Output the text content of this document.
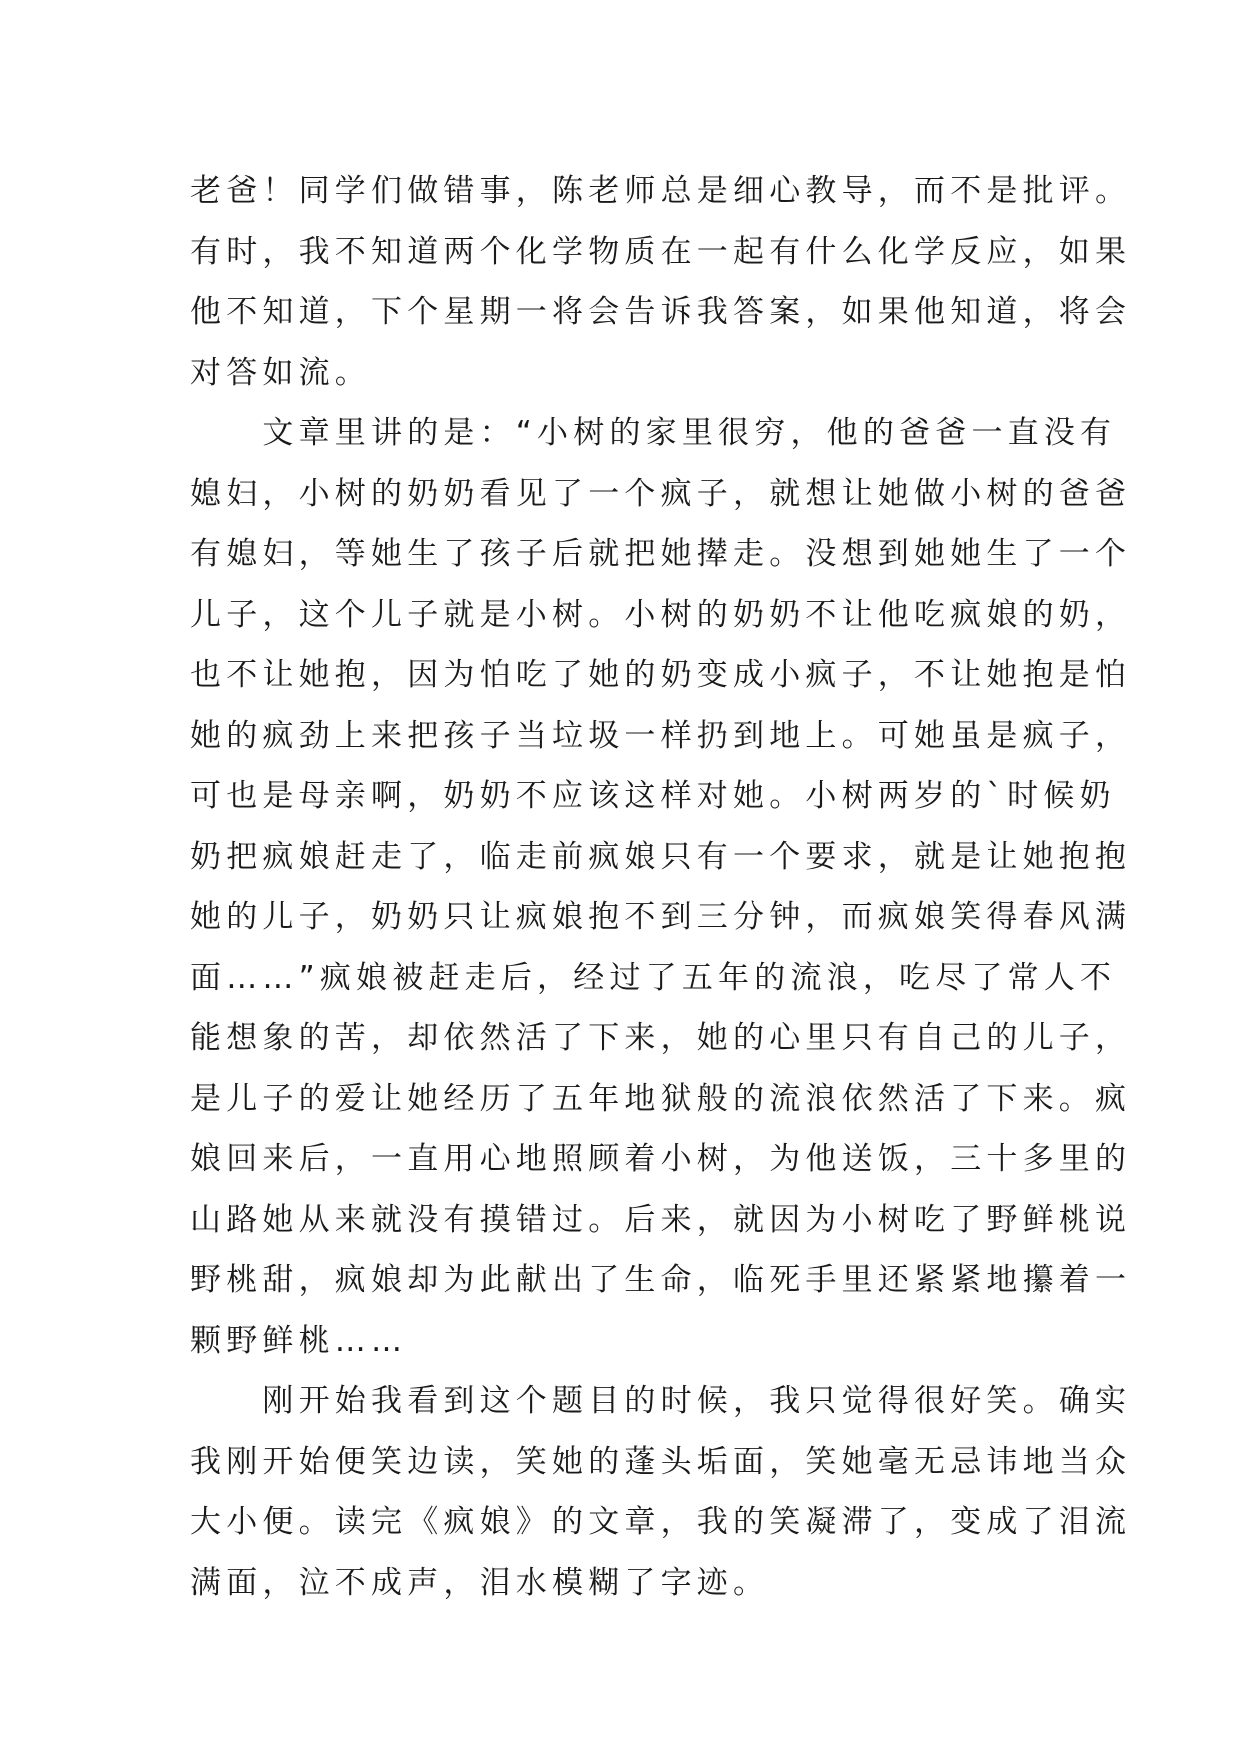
老爸！同学们做错事，陈老师总是细心教导，而不是批评。
有时，我不知道两个化学物质在一起有什么化学反应，如果
他不知道，下个星期一将会告诉我答案，如果他知道，将会
对答如流。
　　文章里讲的是：“小树的家里很穷，他的爸爸一直没有
媳妇，小树的奶奶看见了一个疯子，就想让她做小树的爸爸
有媳妇，等她生了孩子后就把她撵走。没想到她她生了一个
儿子，这个儿子就是小树。小树的奶奶不让他吃疯娘的奶，
也不让她抱，因为怕吃了她的奶变成小疯子，不让她抱是怕
她的疯劲上来把孩子当垃圾一样扔到地上。可她虽是疯子，
可也是母亲啊，奶奶不应该这样对她。小树两岁的`时候奶
奶把疯娘赶走了，临走前疯娘只有一个要求，就是让她抱抱
她的儿子，奶奶只让疯娘抱不到三分钟，而疯娘笑得春风满
面……”疯娘被赶走后，经过了五年的流浪，吃尽了常人不
能想象的苦，却依然活了下来，她的心里只有自己的儿子，
是儿子的爱让她经历了五年地狱般的流浪依然活了下来。疯
娘回来后，一直用心地照顾着小树，为他送饭，三十多里的
山路她从来就没有摸错过。后来，就因为小树吃了野鲜桃说
野桃甜，疯娘却为此献出了生命，临死手里还紧紧地攥着一
颗野鲜桃……
　　刚开始我看到这个题目的时候，我只觉得很好笑。确实
我刚开始便笑边读，笑她的蓬头垢面，笑她毫无忌讳地当众
大小便。读完《疯娘》的文章，我的笑凝滞了，变成了泪流
满面，泣不成声，泪水模糊了字迹。
